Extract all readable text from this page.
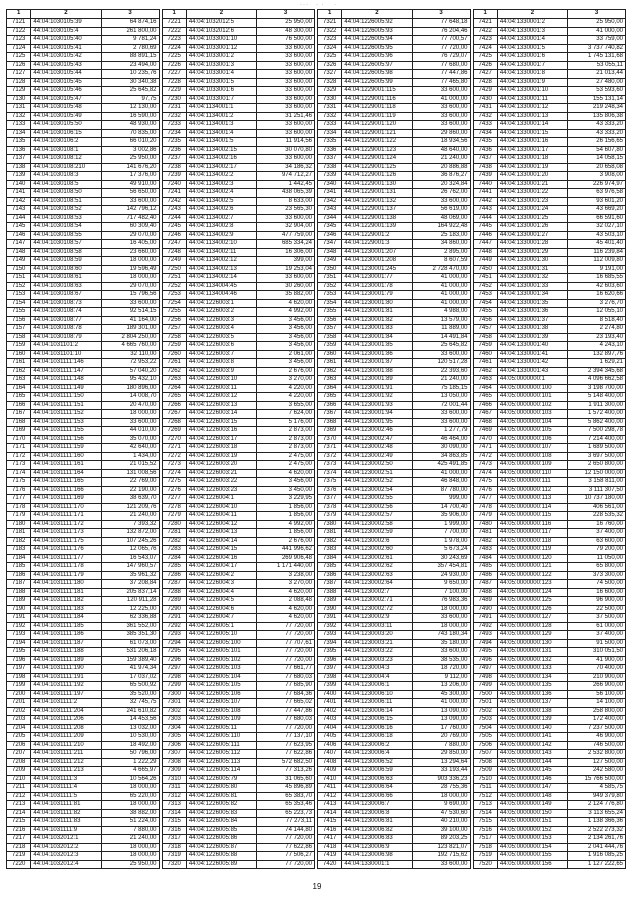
··· · · ·
1	2	3
7121	44:04:1030105:39	64 874,16
7122	44:04:1030105:4	261 800,00
7123	44:04:1030105:40	9 781,24
7124	44:04:1030105:41	2 780,69
7125	44:04:1030105:42	88 891,15
7126	44:04:1030105:43	23 494,00
7127	44:04:1030105:44	10 235,76
7128	44:04:1030105:45	30 340,38
7129	44:04:1030105:46	25 645,82
7130	44:04:1030105:47	97,75
7131	44:04:1030105:48	12 130,00
7132	44:04:1030105:49	16 590,00
7133	44:04:1030105:50	48 930,00
7134	44:04:1030106:15	70 835,00
7135	44:04:1030106:2	66 010,20
7136	44:04:1030108:1	3 002,86
7137	44:04:1030108:12	25 950,00
7138	44:04:1030108:210	141 676,20
7139	44:04:1030108:3	17 376,00
7140	44:04:1030108:5	49 910,00
7141	44:04:1030108:50	56 650,00
7142	44:04:1030108:51	33 600,00
7143	44:04:1030108:52	142 796,12
7144	44:04:1030108:53	717 482,40
7145	44:04:1030108:54	60 309,40
7146	44:04:1030108:55	29 070,00
7147	44:04:1030108:57	16 405,00
7148	44:04:1030108:58	23 660,00
7149	44:04:1030108:59	18 000,00
7150	44:04:1030108:60	19 596,49
7151	44:04:1030108:61	18 000,00
7152	44:04:1030108:63	29 070,00
7153	44:04:1030108:67	15 796,56
7154	44:04:1030108:73	33 600,00
7155	44:04:1030108:74	92 514,15
7156	44:04:1030108:77	41 164,00
7157	44:04:1030108:78	189 301,00
7158	44:04:1030108:79	2 804 250,00
7159	44:04:1031101:2	4 665 760,00
7160	44:04:1031101:10	32 110,00
7161	44:04:1031111:146	72 953,22
7162	44:04:1031111:147	57 040,20
7163	44:04:1031111:148	95 432,10
7164	44:04:1031111:149	180 896,00
7165	44:04:1031111:150	14 008,70
7166	44:04:1031111:151	20 470,00
7167	44:04:1031111:152	18 000,00
7168	44:04:1031111:153	33 600,00
7169	44:04:1031111:155	44 010,00
7170	44:04:1031111:156	35 070,00
7171	44:04:1031111:159	42 640,00
7172	44:04:1031111:160	1 434,00
7173	44:04:1031111:161	21 015,52
7174	44:04:1031111:164	131 008,56
7175	44:04:1031111:165	22 769,00
7176	44:04:1031111:166	22 190,00
7177	44:04:1031111:169	38 639,70
7178	44:04:1031111:170	121 209,76
7179	44:04:1031111:171	21 240,00
7180	44:04:1031111:172	7 393,32
7181	44:04:1031111:173	132 872,00
7182	44:04:1031111:175	107 245,26
7183	44:04:1031111:176	12 065,76
7184	44:04:1031111:177	16 543,07
7185	44:04:1031111:178	147 960,57
7186	44:04:1031111:179	35 961,32
7187	44:04:1031111:180	37 208,84
7188	44:04:1031111:181	205 837,14
7189	44:04:1031111:182	120 911,28
7190	44:04:1031111:183	12 225,00
7191	44:04:1031111:184	62 336,88
7192	44:04:1031111:185	361 552,00
7193	44:04:1031111:186	385 351,30
7194	44:04:1031111:187	61 073,00
7195	44:04:1031111:188	531 206,18
7196	44:04:1031111:189	159 389,40
7197	44:04:1031111:190	41 974,34
7198	44:04:1031111:191	17 037,02
7199	44:04:1031111:192	65 500,92
7200	44:04:1031111:197	35 520,00
7201	44:04:1031111:2	32 745,75
7202	44:04:1031111:204	241 610,82
7203	44:04:1031111:206	14 453,56
7204	44:04:1031111:208	13 032,00
7205	44:04:1031111:209	10 530,00
7206	44:04:1031111:210	18 492,00
7207	44:04:1031111:211	50 796,00
7208	44:04:1031111:212	1 222,29
7209	44:04:1031111:213	4 665,97
7210	44:04:1031111:3	10 564,26
7211	44:04:1031111:4	18 000,00
7212	44:04:1031111:5	65 220,00
7213	44:04:1031111:81	18 000,00
7214	44:04:1031111:82	38 882,00
7215	44:04:1031111:83	51 224,00
7216	44:04:1031111:9	7 880,00
7217	44:04:1032012:1	21 240,00
7218	44:04:1032012:2	18 000,00
7219	44:04:1032012:3	18 000,00
7220	44:04:1032012:4	25 950,00
1	2	3
7221	44:04:1032012:5	25 950,00
7222	44:04:1032012:6	48 300,00
7223	44:04:1033001:10	76 500,00
7224	44:04:1033001:12	33 600,00
7225	44:04:1033001:2	33 600,00
7226	44:04:1033001:3	33 600,00
7227	44:04:1033001:4	33 600,00
7228	44:04:1033001:5	33 600,00
7229	44:04:1033001:6	33 600,00
7230	44:04:1033001:7	33 600,00
7231	44:04:1134001:1	33 600,00
7232	44:04:1134001:2	31 251,46
7233	44:04:1134001:3	33 600,00
7234	44:04:1134001:4	33 600,00
7235	44:04:1134001:5	11 914,56
7236	44:04:1134002:15	30 070,80
7237	44:04:1134002:16	33 600,00
7238	44:04:1134002:17	34 186,32
7239	44:04:1134002:2	974 712,27
7240	44:04:1134002:3	1 442,45
7241	44:04:1134002:4	438 065,39
7242	44:04:1134002:5	8 633,00
7243	44:04:1134002:6	23 565,30
7244	44:04:1134002:7	33 600,00
7245	44:04:1134002:8	32 904,00
7246	44:04:1134002:9	477 759,00
7247	44:04:1134002:10	685 334,24
7248	44:04:1134002:11	16 306,00
7249	44:04:1134002:12	399,00
7250	44:04:1134002:13	19 253,04
7251	44:04:1134002:14	33 600,00
7252	44:04:1134004:45	30 260,00
7253	44:04:1134004:46	35 882,00
7254	44:04:1226003:1	4 620,00
7255	44:04:1226003:2	4 992,00
7256	44:04:1226003:3	3 456,00
7257	44:04:1226003:4	3 456,00
7258	44:04:1226003:5	3 456,00
7259	44:04:1226003:6	3 456,00
7260	44:04:1226003:7	2 061,00
7261	44:04:1226003:8	3 456,00
7262	44:04:1226003:9	2 676,00
7263	44:04:1226003:10	3 270,00
7264	44:04:1226003:11	4 220,00
7265	44:04:1226003:12	4 220,00
7266	44:04:1226003:13	3 655,00
7267	44:04:1226003:14	7 624,00
7268	44:04:1226003:15	5 176,00
7269	44:04:1226003:16	2 873,00
7270	44:04:1226003:17	2 873,00
7271	44:04:1226003:18	2 873,00
7272	44:04:1226003:19	2 475,00
7273	44:04:1226003:20	2 475,00
7274	44:04:1226003:21	4 620,00
7275	44:04:1226003:22	3 456,00
7276	44:04:1226003:23	3 450,00
7277	44:04:1226004:1	3 229,95
7278	44:04:1226004:10	1 856,00
7279	44:04:1226004:11	1 856,00
7280	44:04:1226004:12	4 992,00
7281	44:04:1226004:13	1 856,00
7282	44:04:1226004:14	2 676,00
7283	44:04:1226004:15	441 996,62
7284	44:04:1226004:16	269 906,48
7285	44:04:1226004:17	1 171 440,00
7286	44:04:1226004:2	3 238,00
7287	44:04:1226004:3	3 270,00
7288	44:04:1226004:4	4 620,00
7289	44:04:1226004:5	2 088,48
7290	44:04:1226004:6	4 620,00
7291	44:04:1226004:7	4 620,00
7292	44:04:1226005:1	77 720,00
7293	44:04:1226005:10	77 720,00
7294	44:04:1226005:100	77 707,61
7295	44:04:1226005:101	77 720,00
7296	44:04:1226005:102	77 720,00
7297	44:04:1226005:103	77 661,77
7298	44:04:1226005:104	77 680,03
7299	44:04:1226005:105	77 685,90
7300	44:04:1226005:106	77 684,36
7301	44:04:1226005:107	77 665,02
7302	44:04:1226005:108	77 447,86
7303	44:04:1226005:109	77 680,03
7304	44:04:1226005:11	77 720,00
7305	44:04:1226005:110	77 137,10
7306	44:04:1226005:111	77 623,95
7307	44:04:1226005:112	77 622,86
7308	44:04:1226005:113	572 682,50
7309	44:04:1226005:114	77 313,26
7310	44:04:1226005:79	31 065,60
7311	44:04:1226005:80	45 896,89
7312	44:04:1226005:81	65 383,70
7313	44:04:1226005:82	65 353,46
7314	44:04:1226005:83	65 223,73
7315	44:04:1226005:84	77 273,11
7316	44:04:1226005:85	74 144,80
7317	44:04:1226005:86	77 720,00
7318	44:04:1226005:87	77 622,86
7319	44:04:1226005:88	77 506,27
7320	44:04:1226005:89	77 720,00
1	2	3
7321	44:04:1226005:92	77 648,18
7322	44:04:1226005:93	76 204,46
7323	44:04:1226005:94	77 700,57
7324	44:04:1226005:95	77 720,00
7325	44:04:1226005:96	76 729,07
7326	44:04:1226005:97	77 680,00
7327	44:04:1226005:98	77 447,86
7328	44:04:1226005:99	77 465,80
7329	44:04:1229001:115	33 600,00
7330	44:04:1229001:116	41 000,00
7331	44:04:1229001:118	33 600,00
7332	44:04:1229001:119	33 600,00
7333	44:04:1229001:120	33 600,00
7334	44:04:1229001:121	29 860,00
7335	44:04:1229001:122	18 934,56
7336	44:04:1229001:123	48 640,00
7337	44:04:1229001:124	21 240,00
7338	44:04:1229001:125	20 886,88
7339	44:04:1229001:126	36 876,27
7340	44:04:1229001:130	20 324,84
7341	44:04:1229001:131	26 762,00
7342	44:04:1229001:132	33 600,00
7343	44:04:1229001:137	56 619,00
7344	44:04:1229001:138	48 069,00
7345	44:04:1229001:139	164 922,48
7346	44:04:1229001:2	25 183,00
7347	44:04:1229001:3	34 860,00
7348	44:04:1230001:207	2 895,00
7349	44:04:1230001:208	8 607,59
7350	44:04:1230001:245	2 728 470,00
7351	44:04:1230001:77	41 000,00
7352	44:04:1230001:78	41 000,00
7353	44:04:1230001:79	41 000,00
7354	44:04:1230001:80	41 000,00
7355	44:04:1230001:81	4 988,00
7356	44:04:1230001:82	13 579,00
7357	44:04:1230001:83	11 889,00
7358	44:04:1230001:84	14 491,84
7359	44:04:1230001:85	25 645,82
7360	44:04:1230001:86	33 600,00
7361	44:04:1230001:87	120 517,28
7362	44:04:1230001:88	22 393,60
7363	44:04:1230001:89	21 240,00
7364	44:04:1230001:91	75 185,15
7365	44:04:1230001:92	13 050,00
7366	44:04:1230001:93	72 001,44
7367	44:04:1230001:94	33 600,00
7368	44:04:1230001:95	33 600,00
7369	44:04:1230002:46	1 277,79
7370	44:04:1230002:47	46 464,00
7371	44:04:1230002:48	30 090,00
7372	44:04:1230002:49	34 863,85
7373	44:04:1230002:50	425 491,85
7374	44:04:1230002:51	41 000,00
7375	44:04:1230002:52	46 848,00
7376	44:04:1230002:54	87 780,00
7377	44:04:1230002:55	999,00
7378	44:04:1230002:56	14 700,40
7379	44:04:1230002:57	35 906,00
7380	44:04:1230002:58	1 999,00
7381	44:04:1230002:59	7 700,00
7382	44:04:1230002:6	1 978,00
7383	44:04:1230002:60	5 673,24
7384	44:04:1230002:61	30 243,69
7385	44:04:1230002:62	357 454,81
7386	44:04:1230002:63	24 930,00
7387	44:04:1230002:64	9 650,00
7388	44:04:1230002:7	7 100,00
7389	44:04:1230002:71	76 983,36
7390	44:04:1230002:72	18 000,00
7391	44:04:1230002:9	33 600,00
7392	44:04:1230003:11	18 000,00
7393	44:04:1230003:20	743 180,34
7394	44:04:1230003:21	35 180,00
7395	44:04:1230003:22	33 600,00
7396	44:04:1230003:23	38 535,00
7397	44:04:1230004:3	18 720,00
7398	44:04:1230004:4	9 112,00
7399	44:04:1230006:1	13 206,00
7400	44:04:1230006:10	45 300,00
7401	44:04:1230006:11	41 000,00
7402	44:04:1230006:14	13 090,00
7403	44:04:1230006:15	13 090,00
7404	44:04:1230006:16	17 760,00
7405	44:04:1230006:18	20 769,00
7406	44:04:1230006:2	7 880,00
7407	44:04:1230006:4	29 850,00
7408	44:04:1230006:52	13 294,64
7409	44:04:1230006:59	33 193,44
7410	44:04:1230006:63	903 336,23
7411	44:04:1230006:64	28 755,36
7412	44:04:1230006:66	18 000,00
7413	44:04:1230006:7	9 690,00
7414	44:04:1230006:8	47 530,60
7415	44:04:1230006:81	40 210,00
7416	44:04:1230006:82	39 100,00
7417	44:04:1230006:83	89 203,25
7418	44:04:1230006:9	123 821,07
7419	44:04:1230006:98	192 715,62
7420	44:04:1330001:1	33 600,00
1	2	3
7421	44:04:1330001:2	25 950,00
7422	44:04:1330001:3	41 000,00
7423	44:04:1330001:4	33 759,00
7424	44:04:1330001:5	3 737 740,82
7425	44:04:1330001:6	1 745 131,68
7426	44:04:1330001:7	53 055,11
7427	44:04:1330001:8	21 013,44
7428	44:04:1330001:9	27 480,00
7429	44:04:1330001:10	53 593,60
7430	44:04:1330001:11	155 131,14
7431	44:04:1330001:12	219 248,34
7432	44:04:1330001:13	135 806,38
7433	44:04:1330001:14	43 333,20
7434	44:04:1330001:15	43 333,20
7435	44:04:1330001:16	26 156,65
7436	44:04:1330001:17	54 607,80
7437	44:04:1330001:18	14 058,15
7438	44:04:1330001:19	20 658,08
7439	44:04:1330001:20	3 908,00
7440	44:04:1330001:21	226 974,97
7441	44:04:1330001:22	63 976,58
7442	44:04:1330001:23	93 601,20
7443	44:04:1330001:24	43 669,20
7444	44:04:1330001:25	66 591,60
7445	44:04:1330001:26	32 027,10
7446	44:04:1330001:27	43 503,10
7447	44:04:1330001:28	45 401,40
7448	44:04:1330001:29	116 239,84
7449	44:04:1330001:30	112 009,80
7450	44:04:1330001:31	9 191,00
7451	44:04:1330001:32	16 685,55
7452	44:04:1330001:33	42 603,60
7453	44:04:1330001:34	16 620,66
7454	44:04:1330001:35	3 276,70
7455	44:04:1330001:36	12 055,10
7456	44:04:1330001:37	8 518,40
7457	44:04:1330001:38	2 274,80
7458	44:04:1330001:39	23 193,40
7459	44:04:1330001:40	4 243,10
7460	44:04:1330001:41	132 897,76
7461	44:04:1330001:42	1 629,21
7462	44:04:1330001:43	2 394 345,68
7463	44:05:0000000:1	4 096 662,58
7464	44:05:0000000:100	3 198 700,00
7465	44:05:0000000:101	5 148 400,00
7466	44:05:0000000:102	1 911 300,00
7467	44:05:0000000:103	1 572 400,00
7468	44:05:0000000:104	5 862 400,00
7469	44:05:0000000:105	7 500 298,78
7470	44:05:0000000:106	7 214 400,00
7471	44:05:0000000:107	1 689 500,00
7472	44:05:0000000:108	3 697 500,00
7473	44:05:0000000:109	2 650 800,00
7474	44:05:0000000:110	12 150 000,00
7475	44:05:0000000:111	3 158 811,00
7476	44:05:0000000:112	3 111 307,50
7477	44:05:0000000:113	10 737 180,00
7478	44:05:0000000:114	406 561,00
7479	44:05:0000000:115	228 535,32
7480	44:05:0000000:116	16 760,00
7481	44:05:0000000:117	37 400,00
7482	44:05:0000000:118	63 600,00
7483	44:05:0000000:119	79 200,00
7484	44:05:0000000:120	11 050,00
7485	44:05:0000000:121	65 800,00
7486	44:05:0000000:122	373 300,00
7487	44:05:0000000:123	74 500,00
7488	44:05:0000000:124	16 600,00
7489	44:05:0000000:125	96 900,00
7490	44:05:0000000:126	22 500,00
7491	44:05:0000000:127	37 500,00
7492	44:05:0000000:128	61 000,00
7493	44:05:0000000:129	37 400,00
7494	44:05:0000000:130	91 500,00
7495	44:05:0000000:131	310 051,50
7496	44:05:0000000:132	41 900,00
7497	44:05:0000000:133	70 400,00
7498	44:05:0000000:134	210 900,00
7499	44:05:0000000:135	266 900,00
7500	44:05:0000000:136	56 100,00
7501	44:05:0000000:137	14 100,00
7502	44:05:0000000:138	258 800,00
7503	44:05:0000000:139	172 400,00
7504	44:05:0000000:140	7 237 500,00
7505	44:05:0000000:141	46 900,00
7506	44:05:0000000:142	746 500,00
7507	44:05:0000000:143	2 532 800,00
7508	44:05:0000000:144	127 500,00
7509	44:05:0000000:145	242 580,00
7510	44:05:0000000:146	15 766 500,00
7511	44:05:0000000:147	4 585,75
7512	44:05:0000000:148	949 379,80
7513	44:05:0000000:149	2 124 776,80
7514	44:05:0000000:150	3 113 655,24
7515	44:05:0000000:151	1 138 366,36
7516	44:05:0000000:152	2 522 273,32
7517	44:05:0000000:153	2 134 261,76
7518	44:05:0000000:154	2 041 444,76
7519	44:05:0000000:155	1 916 085,25
7520	44:05:0000000:156	1 127 222,65
19
